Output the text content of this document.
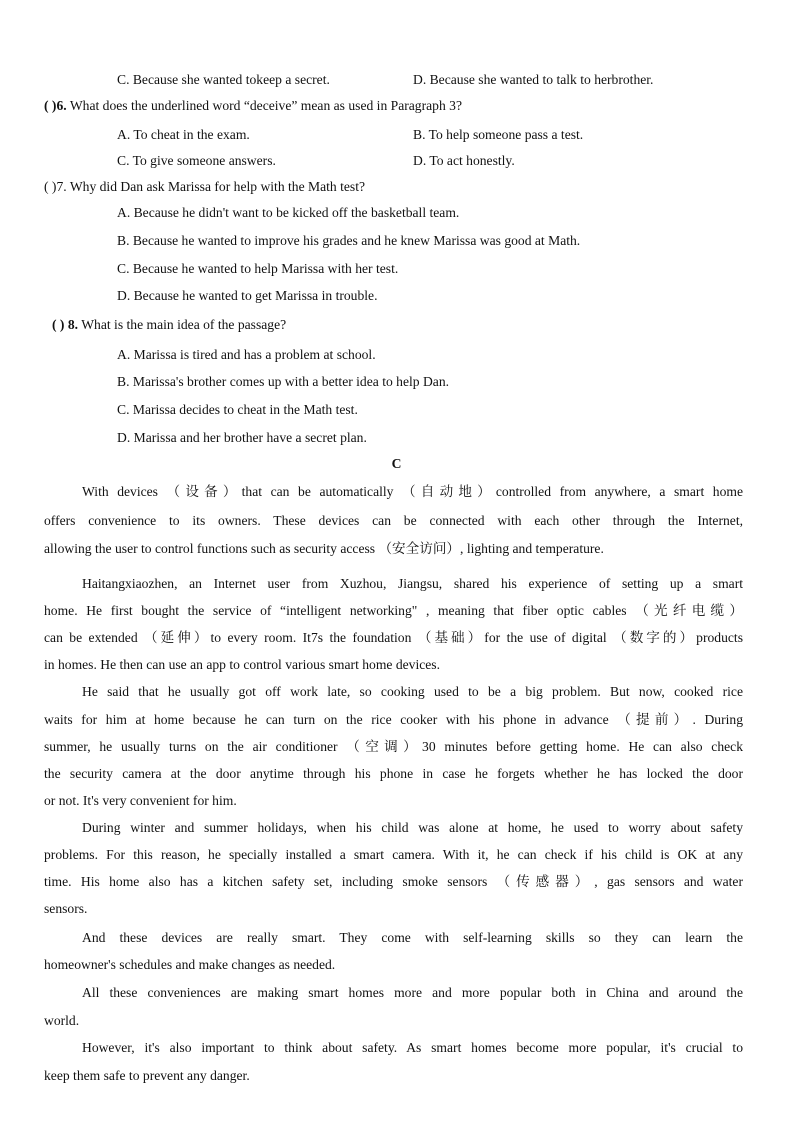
C. Because she wanted tokeep a secret.	D. Because she wanted to talk to herbrother.
( )6. What does the underlined word “deceive” mean as used in Paragraph 3?
A. To cheat in the exam.	B. To help someone pass a test.
C. To give someone answers.	D. To act honestly.
( )7. Why did Dan ask Marissa for help with the Math test?
A. Because he didn't want to be kicked off the basketball team.
B. Because he wanted to improve his grades and he knew Marissa was good at Math.
C. Because he wanted to help Marissa with her test.
D. Because he wanted to get Marissa in trouble.
( ) 8. What is the main idea of the passage?
A. Marissa is tired and has a problem at school.
B. Marissa's brother comes up with a better idea to help Dan.
C. Marissa decides to cheat in the Math test.
D. Marissa and her brother have a secret plan.
C
With devices （设备）that can be automatically （自动地）controlled from anywhere, a smart home
offers convenience to its owners. These devices can be connected with each other through the Internet,
allowing the user to control functions such as security access （安全访问）, lighting and temperature.
Haitangxiaozhen, an Internet user from Xuzhou, Jiangsu, shared his experience of setting up a smart
home. He first bought the service of “intelligent networking" , meaning that fiber optic cables （光纤电缆）
can be extended （延伸）to every room. It7s the foundation （基础）for the use of digital （数字的）products
in homes. He then can use an app to control various smart home devices.
He said that he usually got off work late, so cooking used to be a big problem. But now, cooked rice
waits for him at home because he can turn on the rice cooker with his phone in advance （提前）. During
summer, he usually turns on the air conditioner （空调）30 minutes before getting home. He can also check
the security camera at the door anytime through his phone in case he forgets whether he has locked the door
or not. It's very convenient for him.
During winter and summer holidays, when his child was alone at home, he used to worry about safety
problems. For this reason, he specially installed a smart camera. With it, he can check if his child is OK at any
time. His home also has a kitchen safety set, including smoke sensors （传感器）, gas sensors and water
sensors.
And these devices are really smart. They come with self-learning skills so they can learn the
homeowner's schedules and make changes as needed.
All these conveniences are making smart homes more and more popular both in China and around the
world.
However, it's also important to think about safety. As smart homes become more popular, it's crucial to
keep them safe to prevent any danger.
